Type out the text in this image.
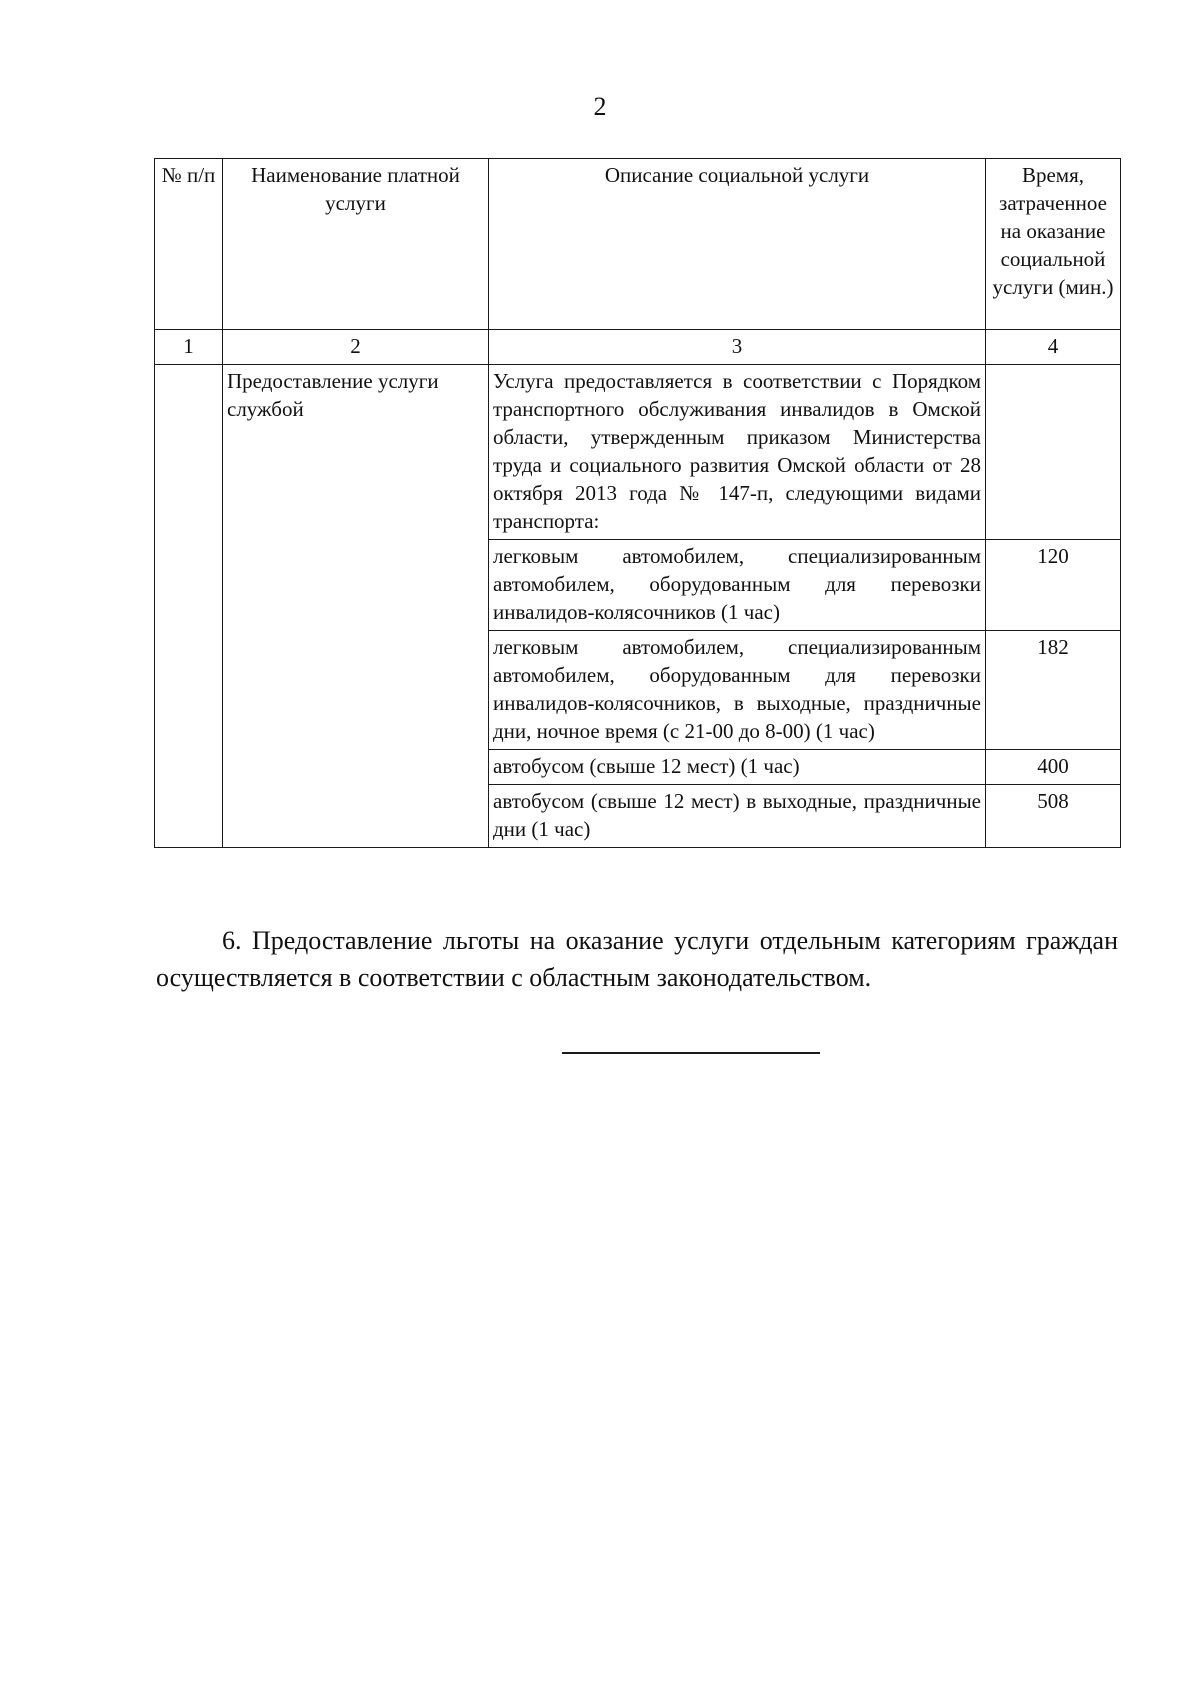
2
№ п/п	Наименование платной услуги	Описание социальной услуги	Время, затраченное на оказание социальной услуги (мин.)
1	2	3	4
	Предоставление услуги службой	Услуга предоставляется в соответствии с Порядком транспортного обслуживания инвалидов в Омской области, утвержденным приказом Министерства труда и социального развития Омской области от 28 октября 2013 года № 147-п, следующими видами транспорта:	
		легковым автомобилем, специализированным автомобилем, оборудованным для перевозки инвалидов-колясочников (1 час)	120
		легковым автомобилем, специализированным автомобилем, оборудованным для перевозки инвалидов-колясочников, в выходные, праздничные дни, ночное время (с 21-00 до 8-00) (1 час)	182
		автобусом (свыше 12 мест) (1 час)	400
		автобусом (свыше 12 мест) в выходные, праздничные дни (1 час)	508
6. Предоставление льготы на оказание услуги отдельным категориям граждан осуществляется в соответствии с областным законодательством.
